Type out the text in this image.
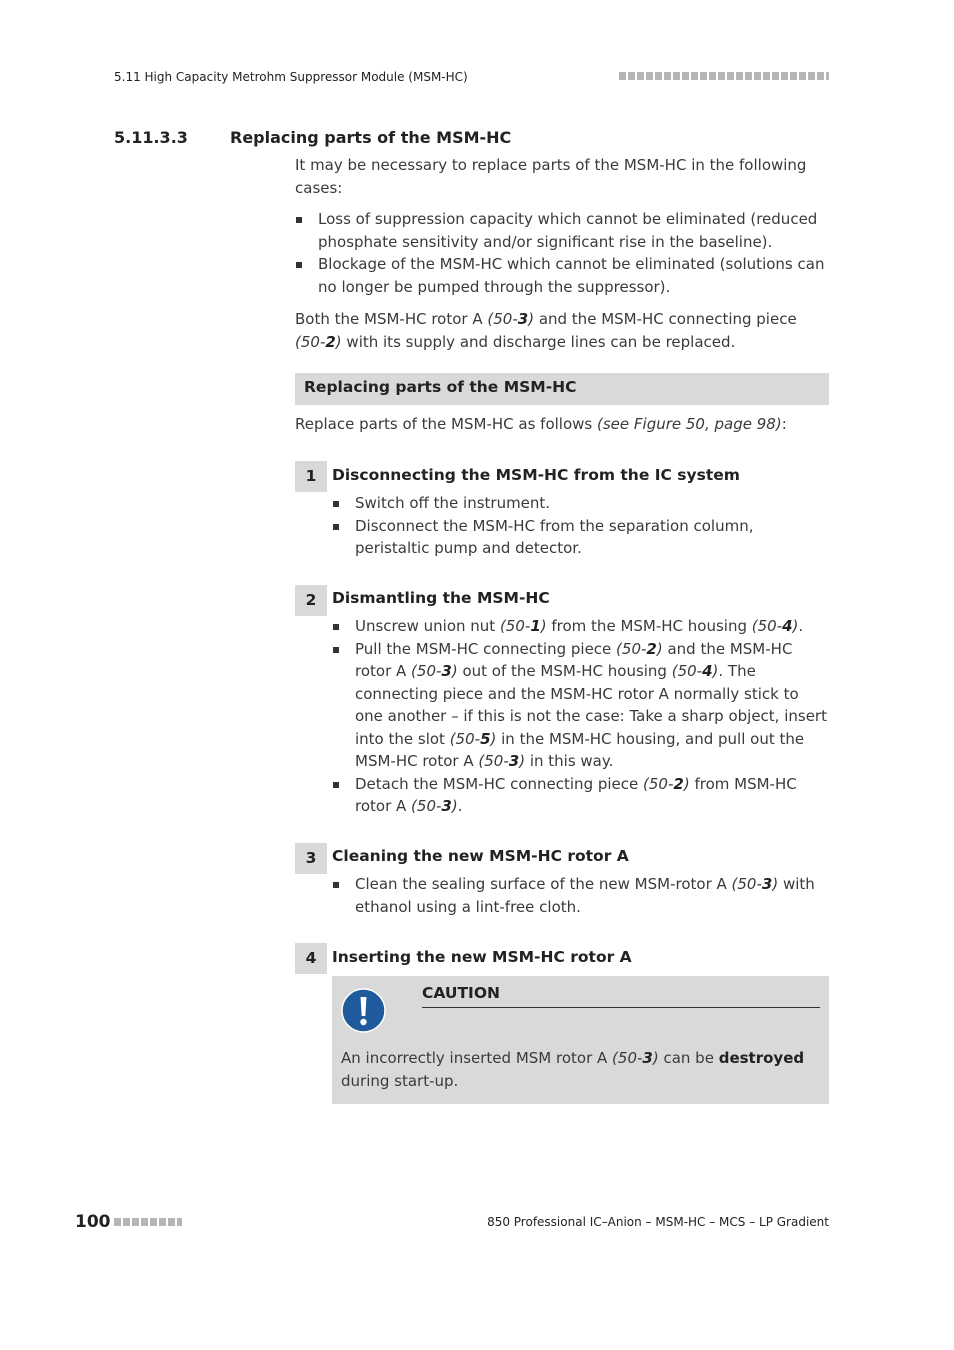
5.11 High Capacity Metrohm Suppressor Module (MSM-HC)
5.11.3.3	Replacing parts of the MSM-HC
It may be necessary to replace parts of the MSM-HC in the following cases:
Loss of suppression capacity which cannot be eliminated (reduced phosphate sensitivity and/or significant rise in the baseline).
Blockage of the MSM-HC which cannot be eliminated (solutions can no longer be pumped through the suppressor).
Both the MSM-HC rotor A (50-3) and the MSM-HC connecting piece (50-2) with its supply and discharge lines can be replaced.
Replacing parts of the MSM-HC
Replace parts of the MSM-HC as follows (see Figure 50, page 98):
1	Disconnecting the MSM-HC from the IC system
Switch off the instrument.
Disconnect the MSM-HC from the separation column, peristaltic pump and detector.
2	Dismantling the MSM-HC
Unscrew union nut (50-1) from the MSM-HC housing (50-4).
Pull the MSM-HC connecting piece (50-2) and the MSM-HC rotor A (50-3) out of the MSM-HC housing (50-4). The connecting piece and the MSM-HC rotor A normally stick to one another – if this is not the case: Take a sharp object, insert into the slot (50-5) in the MSM-HC housing, and pull out the MSM-HC rotor A (50-3) in this way.
Detach the MSM-HC connecting piece (50-2) from MSM-HC rotor A (50-3).
3	Cleaning the new MSM-HC rotor A
Clean the sealing surface of the new MSM-rotor A (50-3) with ethanol using a lint-free cloth.
4	Inserting the new MSM-HC rotor A
CAUTION
An incorrectly inserted MSM rotor A (50-3) can be destroyed during start-up.
100	850 Professional IC–Anion – MSM-HC – MCS – LP Gradient
